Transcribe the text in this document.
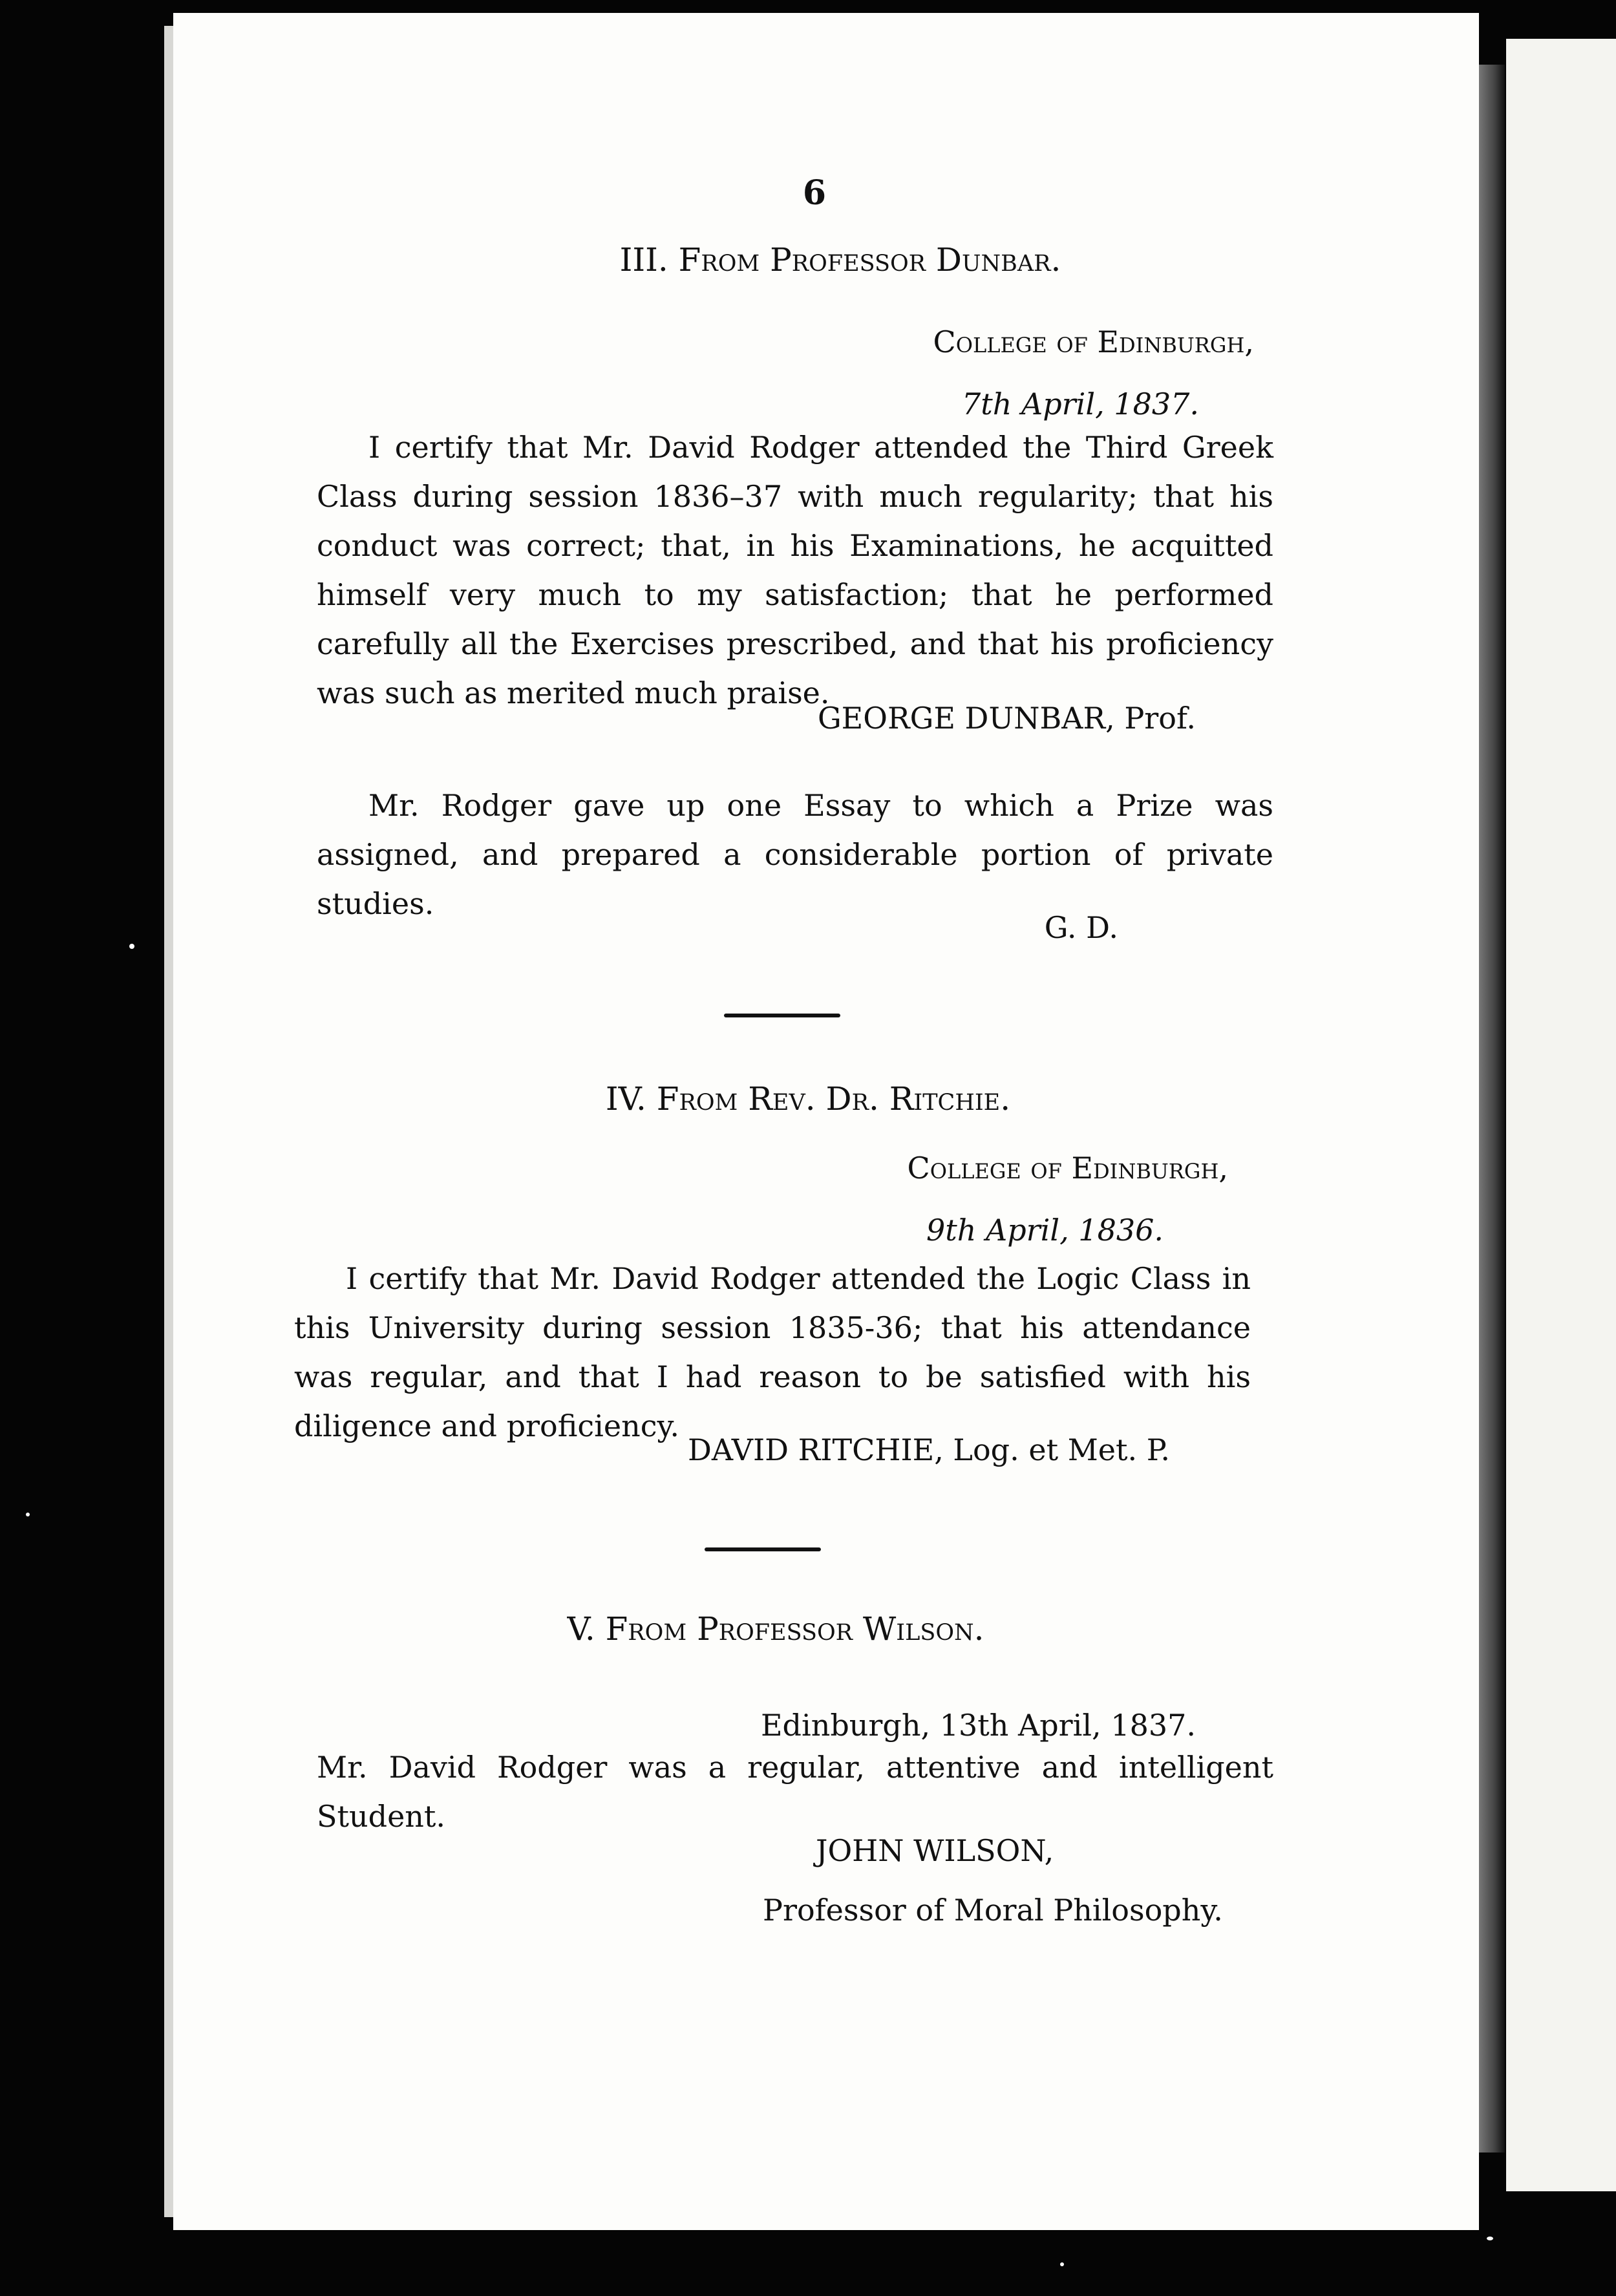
6
III. From Professor Dunbar.
College of Edinburgh,
7th April, 1837.
I certify that Mr. David Rodger attended the Third Greek Class during session 1836–37 with much regularity; that his conduct was correct; that, in his Examinations, he acquitted himself very much to my satisfaction; that he performed carefully all the Exercises prescribed, and that his proficiency was such as merited much praise.
GEORGE DUNBAR, Prof.
Mr. Rodger gave up one Essay to which a Prize was assigned, and prepared a considerable portion of private studies.
G. D.
IV. From Rev. Dr. Ritchie.
College of Edinburgh,
9th April, 1836.
I certify that Mr. David Rodger attended the Logic Class in this University during session 1835-36; that his attendance was regular, and that I had reason to be satisfied with his diligence and proficiency.
DAVID RITCHIE, Log. et Met. P.
V. From Professor Wilson.
Edinburgh, 13th April, 1837.
Mr. David Rodger was a regular, attentive and intelligent Student.
JOHN WILSON,
Professor of Moral Philosophy.
